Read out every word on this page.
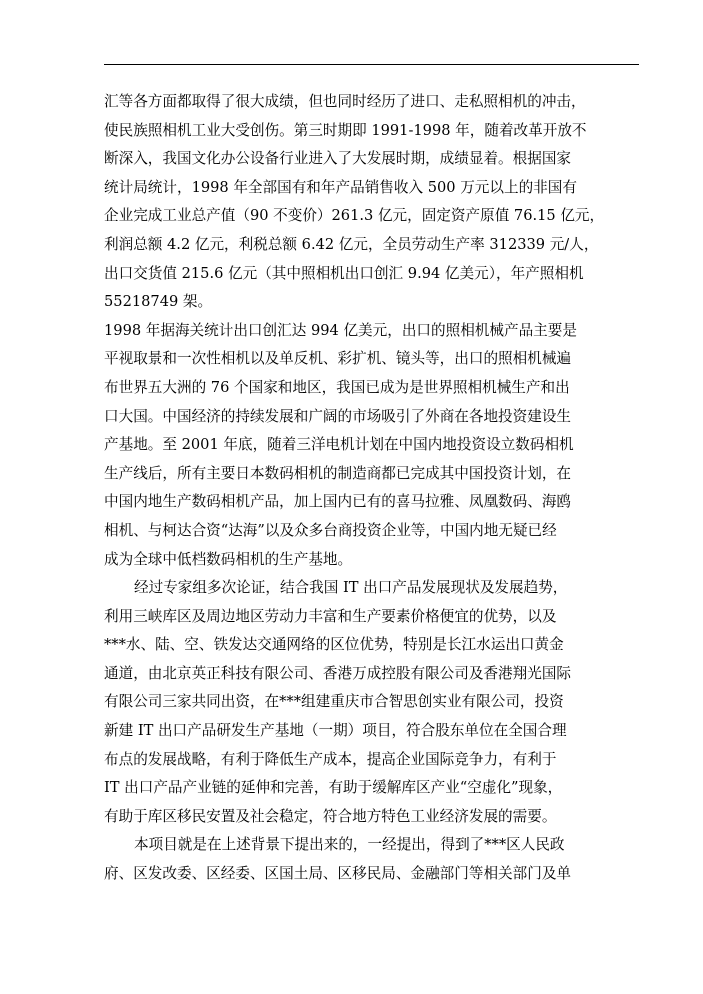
汇等各方面都取得了很大成绩，但也同时经历了进口、走私照相机的冲击，
使民族照相机工业大受创伤。第三时期即 1991-1998 年，随着改革开放不
断深入，我国文化办公设备行业进入了大发展时期，成绩显着。根据国家
统计局统计，1998 年全部国有和年产品销售收入 500 万元以上的非国有
企业完成工业总产值（90 不变价）261.3 亿元，固定资产原值 76.15 亿元，
利润总额 4.2 亿元，利税总额 6.42 亿元，全员劳动生产率 312339 元/人，
出口交货值 215.6 亿元（其中照相机出口创汇 9.94 亿美元），年产照相机
55218749 架。
1998 年据海关统计出口创汇达 994 亿美元，出口的照相机械产品主要是
平视取景和一次性相机以及单反机、彩扩机、镜头等，出口的照相机械遍
布世界五大洲的 76 个国家和地区，我国已成为是世界照相机械生产和出
口大国。中国经济的持续发展和广阔的市场吸引了外商在各地投资建设生
产基地。至 2001 年底，随着三洋电机计划在中国内地投资设立数码相机
生产线后，所有主要日本数码相机的制造商都已完成其中国投资计划，在
中国内地生产数码相机产品，加上国内已有的喜马拉雅、凤凰数码、海鸥
相机、与柯达合资“达海”以及众多台商投资企业等，中国内地无疑已经
成为全球中低档数码相机的生产基地。
经过专家组多次论证，结合我国 IT 出口产品发展现状及发展趋势，
利用三峡库区及周边地区劳动力丰富和生产要素价格便宜的优势，以及
***水、陆、空、铁发达交通网络的区位优势，特别是长江水运出口黄金
通道，由北京英正科技有限公司、香港万成控股有限公司及香港翔光国际
有限公司三家共同出资，在***组建重庆市合智思创实业有限公司，投资
新建 IT 出口产品研发生产基地（一期）项目，符合股东单位在全国合理
布点的发展战略，有利于降低生产成本，提高企业国际竞争力，有利于
IT 出口产品产业链的延伸和完善，有助于缓解库区产业“空虚化”现象，
有助于库区移民安置及社会稳定，符合地方特色工业经济发展的需要。
本项目就是在上述背景下提出来的，一经提出，得到了***区人民政
府、区发改委、区经委、区国土局、区移民局、金融部门等相关部门及单
